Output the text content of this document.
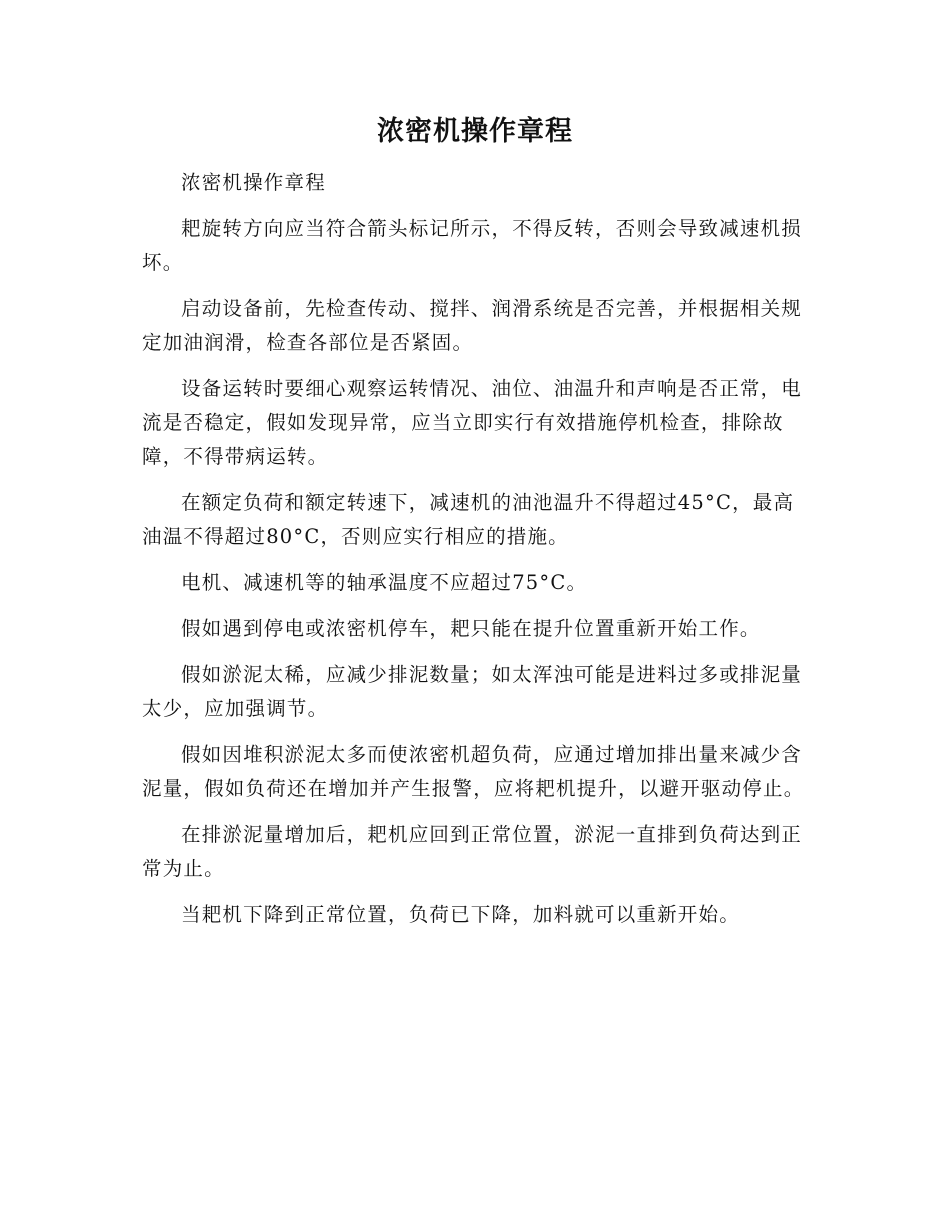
浓密机操作章程

浓密机操作章程

耙旋转方向应当符合箭头标记所示，不得反转，否则会导致减速机损坏。

启动设备前，先检查传动、搅拌、润滑系统是否完善，并根据相关规定加油润滑，检查各部位是否紧固。

设备运转时要细心观察运转情况、油位、油温升和声响是否正常，电流是否稳定，假如发现异常，应当立即实行有效措施停机检查，排除故障，不得带病运转。

在额定负荷和额定转速下，减速机的油池温升不得超过45°C，最高油温不得超过80°C，否则应实行相应的措施。

电机、减速机等的轴承温度不应超过75°C。

假如遇到停电或浓密机停车，耙只能在提升位置重新开始工作。

假如淤泥太稀，应减少排泥数量；如太浑浊可能是进料过多或排泥量太少，应加强调节。

假如因堆积淤泥太多而使浓密机超负荷，应通过增加排出量来减少含泥量，假如负荷还在增加并产生报警，应将耙机提升，以避开驱动停止。

在排淤泥量增加后，耙机应回到正常位置，淤泥一直排到负荷达到正常为止。

当耙机下降到正常位置，负荷已下降，加料就可以重新开始。
